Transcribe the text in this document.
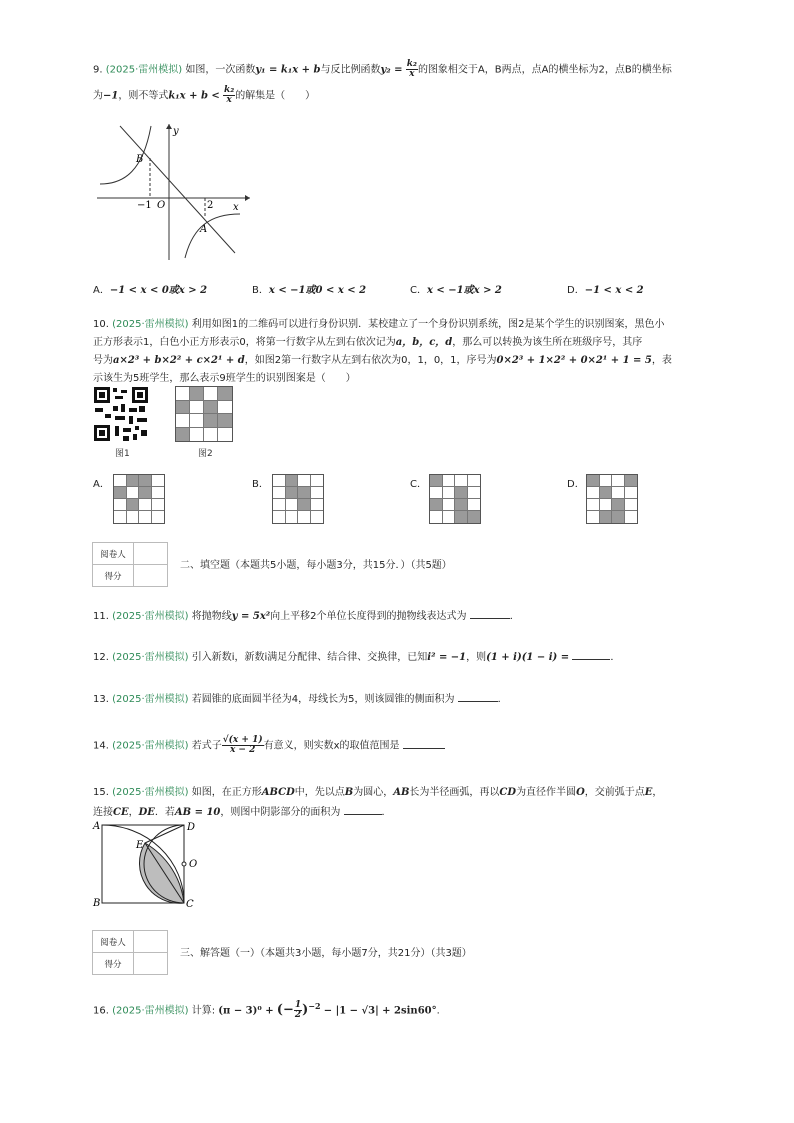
9. (2025·雷州模拟) 如图，一次函数y₁ = k₁x + b与反比例函数$y_2 = \frac{\text{k₂}}{x}$ 的图象相交于A，B两点，点A的横坐标为2，点B的横坐标
为−1，则不等式$k_1x + b < \frac{\text{k₂}}{x}$ 的解集是（　　）
y
x
B
A
O
−1	2
A．−1 < x < 0或x > 2	B．x < −1或0 < x < 2	C．x < −1或x > 2	D．−1 < x < 2
10. (2025·雷州模拟) 利用如图1的二维码可以进行身份识别．某校建立了一个身份识别系统，图2是某个学生的识别图案，黑色小
正方形表示1，白色小正方形表示0，将第一行数字从左到右依次记为a，b，c，d，那么可以转换为该生所在班级序号，其序
号为a×2³ + b×2² + c×2¹ + d，如图2第一行数字从左到右依次为0，1，0，1，序号为0×2³ + 1×2² + 0×2¹ + 1 = 5，表
示该生为5班学生，那么表示9班学生的识别图案是（　　）
图1	图2
A．	B．	C．	D．
阅卷人
得分
二、填空题（本题共5小题，每小题3分，共15分．）（共5题）
11. (2025·雷州模拟) 将抛物线y = 5x²向上平移2个单位长度得到的抛物线表达式为	．
12. (2025·雷州模拟) 引入新数i，新数i满足分配律、结合律、交换律，已知i² = −1，则(1 + i)(1 − i) =	．
13. (2025·雷州模拟) 若圆锥的底面圆半径为4，母线长为5，则该圆锥的侧面积为	．
14. (2025·雷州模拟) 若式子 $\frac{√(x + 1)}{x - 2}$ 有意义，则实数x的取值范围是
15. (2025·雷州模拟) 如图，在正方形ABCD中，先以点B为圆心，AB长为半径画弧，再以CD为直径作半圆O，交前弧于点E，
连接CE，DE．若AB = 10，则图中阴影部分的面积为	．
A	D
B	C
E
O
阅卷人
得分
三、解答题（一）（本题共3小题，每小题7分，共21分）（共3题）
16. (2025·雷州模拟) 计算: (π − 3)⁰ + (− $\frac{1}{2} )^{-2} - |1 - √3| + 2\sin 60^\circ$.
